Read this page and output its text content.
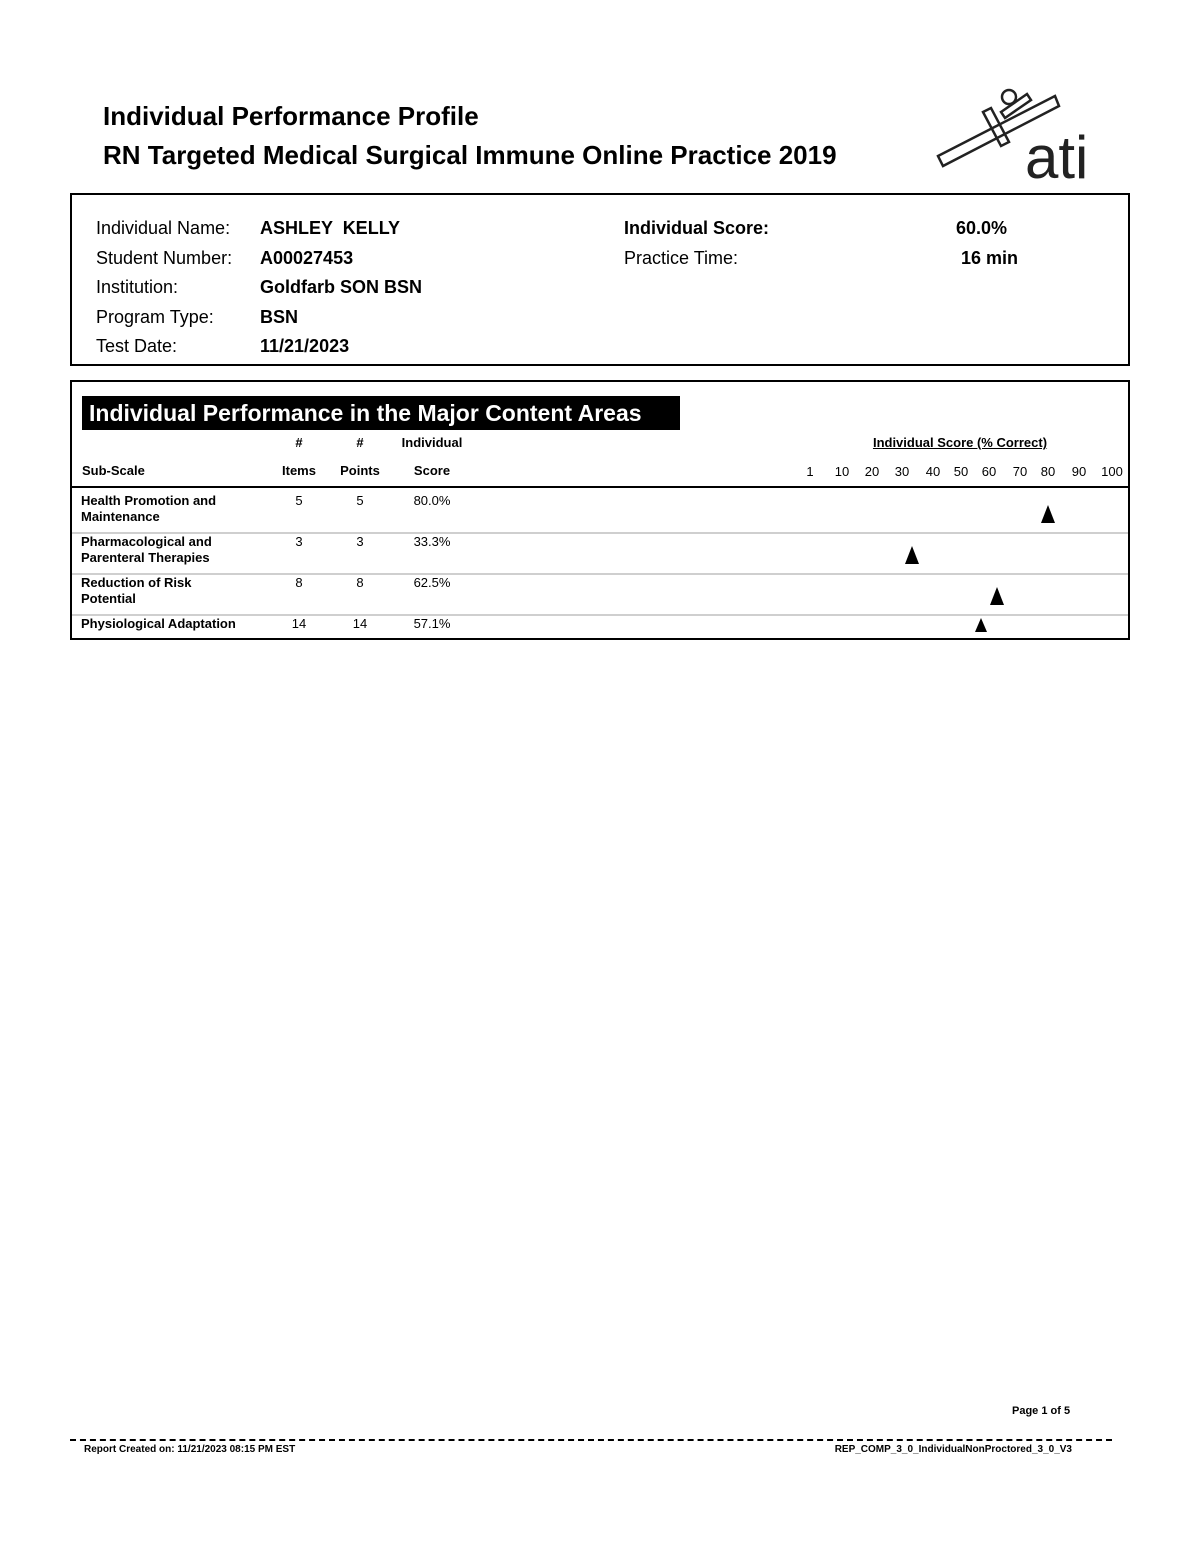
Individual Performance Profile
RN Targeted Medical Surgical Immune Online Practice 2019	ati
Individual Name: ASHLEY  KELLY
Student Number: A00027453
Institution:	Goldfarb SON BSN
Program Type:	BSN
Test Date:	11/21/2023
Individual Score:	60.0%
Practice Time:	16 min
Individual Performance in the Major Content Areas
#	#	Individual
Sub-Scale	Items Points	Score
Individual Score (% Correct)
1 10 20 30 40 50 60 70 80 90 100
Health Promotion and
Maintenance
5	5	80.0%
Pharmacological and
Parenteral Therapies
3	3	33.3%
Reduction of Risk
Potential
8	8	62.5%
Physiological Adaptation	14	14	57.1%
Page 1 of 5
Report Created on: 11/21/2023 08:15 PM EST	REP_COMP_3_0_IndividualNonProctored_3_0_V3
